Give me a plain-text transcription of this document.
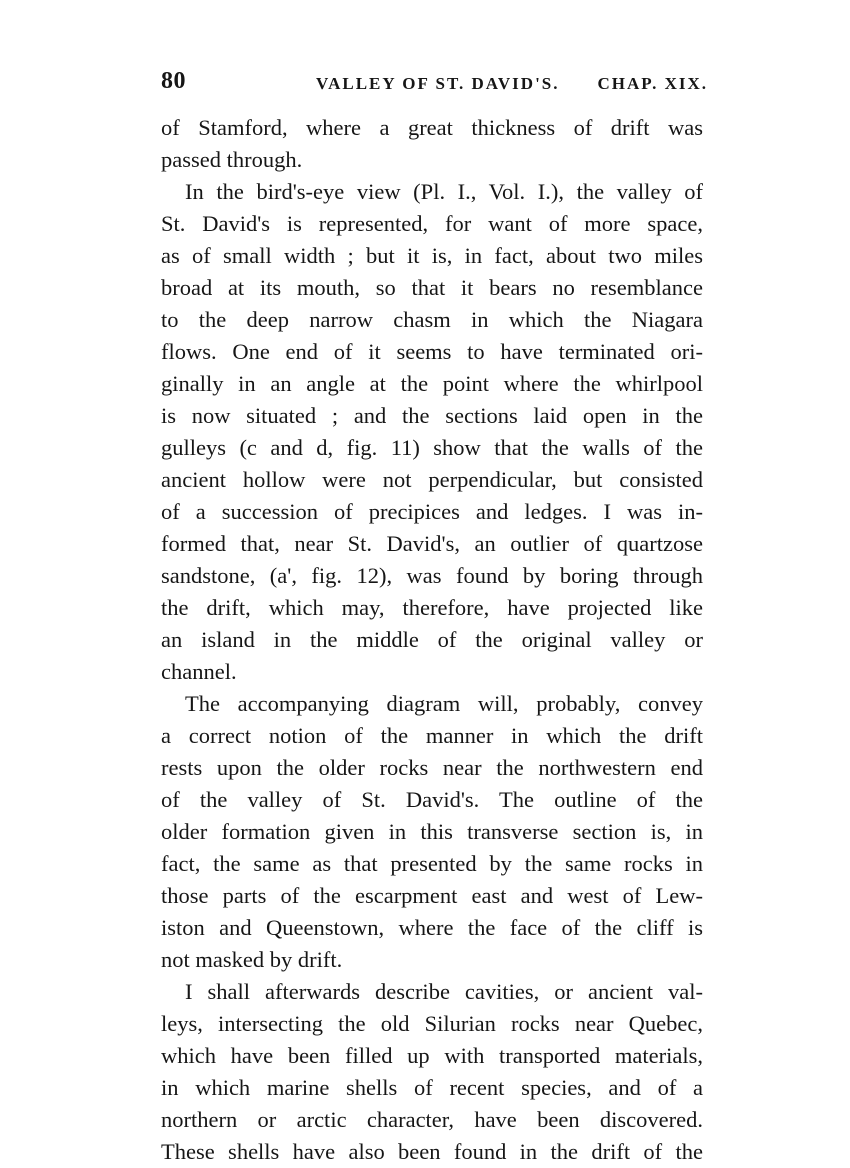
80	VALLEY OF ST. DAVID'S. CHAP. XIX.

of Stamford, where a great thickness of drift was

passed through.

In the bird's-eye view (Pl. I., Vol. I.), the valley of

St. David's is represented, for want of more space,

as of small width ; but it is, in fact, about two miles

broad at its mouth, so that it bears no resemblance

to the deep narrow chasm in which the Niagara

flows. One end of it seems to have terminated ori-

ginally in an angle at the point where the whirlpool

is now situated ; and the sections laid open in the

gulleys (c and d, fig. 11) show that the walls of the

ancient hollow were not perpendicular, but consisted

of a succession of precipices and ledges. I was in-

formed that, near St. David's, an outlier of quartzose

sandstone, (a', fig. 12), was found by boring through

the drift, which may, therefore, have projected like

an island in the middle of the original valley or

channel.

The accompanying diagram will, probably, convey

a correct notion of the manner in which the drift

rests upon the older rocks near the northwestern end

of the valley of St. David's. The outline of the

older formation given in this transverse section is, in

fact, the same as that presented by the same rocks in

those parts of the escarpment east and west of Lew-

iston and Queenstown, where the face of the cliff is

not masked by drift.

I shall afterwards describe cavities, or ancient val-

leys, intersecting the old Silurian rocks near Quebec,

which have been filled up with transported materials,

in which marine shells of recent species, and of a

northern or arctic character, have been discovered.

These shells have also been found in the drift of the
